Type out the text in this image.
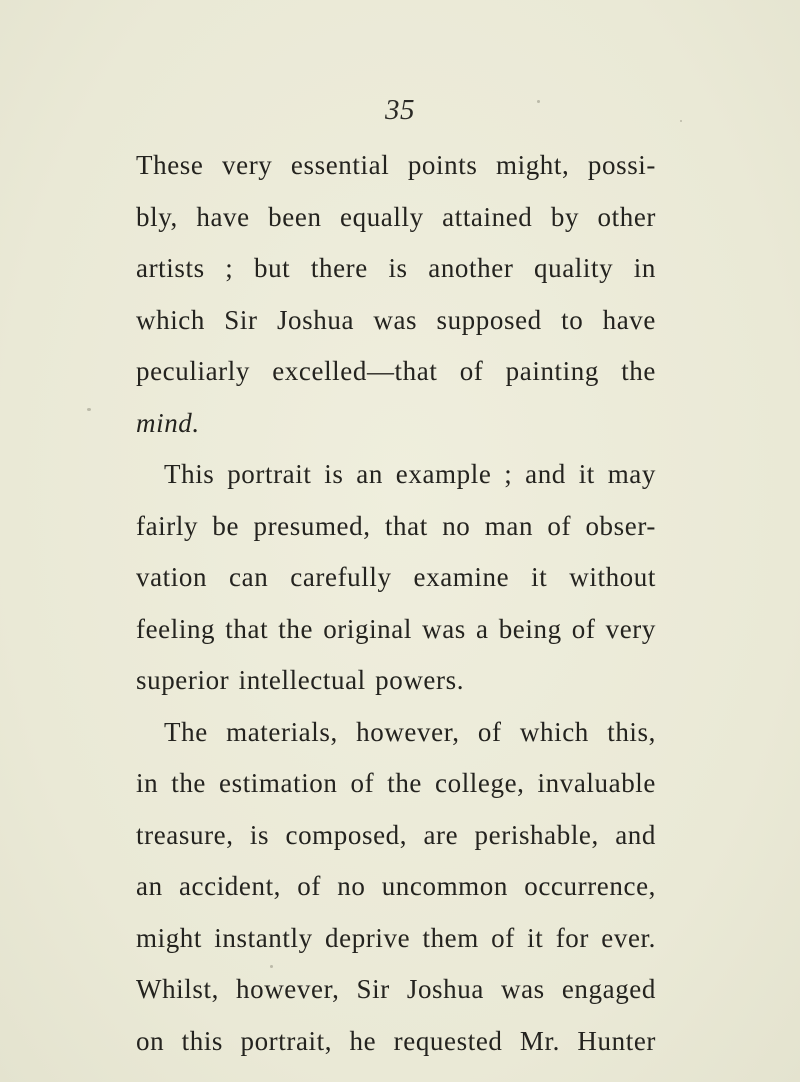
35
These very essential points might, possi-
bly, have been equally attained by other
artists ; but there is another quality in
which Sir Joshua was supposed to have
peculiarly excelled—that of painting the
mind.
This portrait is an example ; and it may
fairly be presumed, that no man of obser-
vation can carefully examine it without
feeling that the original was a being of very
superior intellectual powers.
The materials, however, of which this,
in the estimation of the college, invaluable
treasure, is composed, are perishable, and
an accident, of no uncommon occurrence,
might instantly deprive them of it for ever.
Whilst, however, Sir Joshua was engaged
on this portrait, he requested Mr. Hunter
